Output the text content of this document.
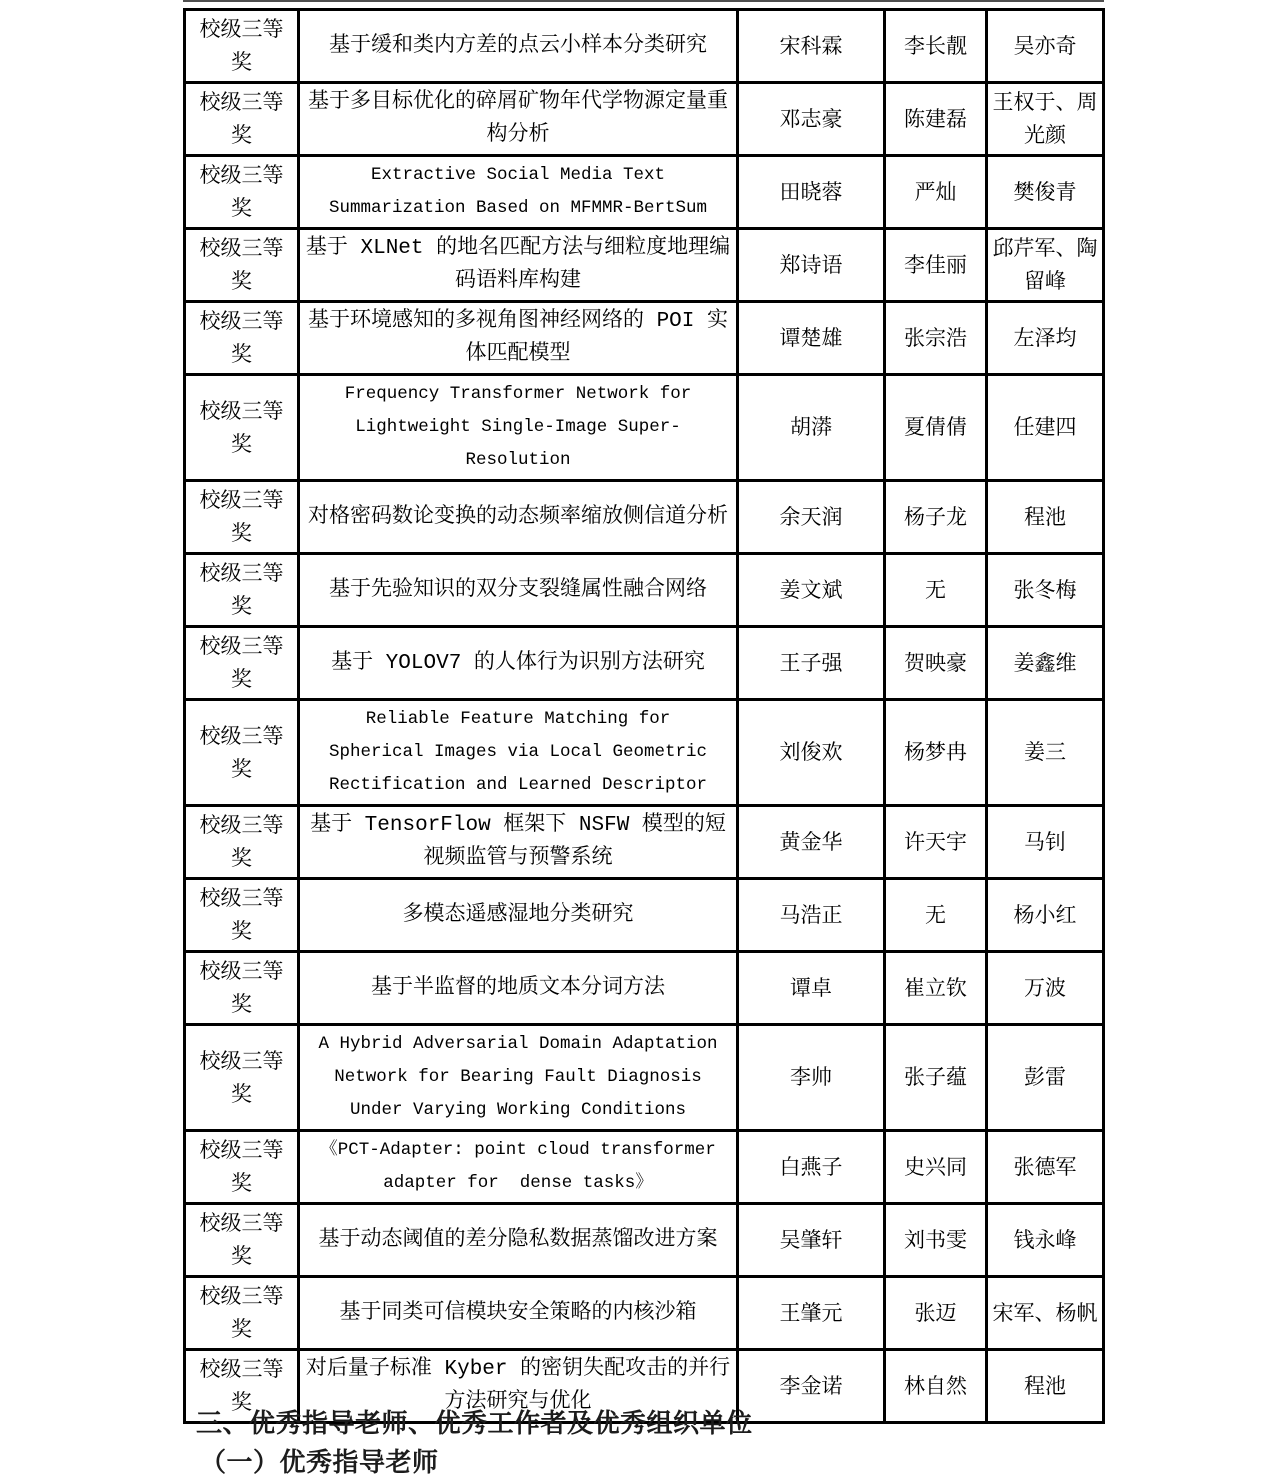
校级三等奖	基于缓和类内方差的点云小样本分类研究	宋科霖	李长靓	吴亦奇
校级三等奖	基于多目标优化的碎屑矿物年代学物源定量重构分析	邓志豪	陈建磊	王权于、周光颜
校级三等奖	Extractive Social Media Text Summarization Based on MFMMR-BertSum	田晓蓉	严灿	樊俊青
校级三等奖	基于 XLNet 的地名匹配方法与细粒度地理编码语料库构建	郑诗语	李佳丽	邱芹军、陶留峰
校级三等奖	基于环境感知的多视角图神经网络的 POI 实体匹配模型	谭楚雄	张宗浩	左泽均
校级三等奖	Frequency Transformer Network for Lightweight Single-Image Super-Resolution	胡漭	夏倩倩	任建四
校级三等奖	对格密码数论变换的动态频率缩放侧信道分析	余天润	杨子龙	程池
校级三等奖	基于先验知识的双分支裂缝属性融合网络	姜文斌	无	张冬梅
校级三等奖	基于 YOLOV7 的人体行为识别方法研究	王子强	贺映豪	姜鑫维
校级三等奖	Reliable Feature Matching for Spherical Images via Local Geometric Rectification and Learned Descriptor	刘俊欢	杨梦冉	姜三
校级三等奖	基于 TensorFlow 框架下 NSFW 模型的短视频监管与预警系统	黄金华	许天宇	马钊
校级三等奖	多模态遥感湿地分类研究	马浩正	无	杨小红
校级三等奖	基于半监督的地质文本分词方法	谭卓	崔立钦	万波
校级三等奖	A Hybrid Adversarial Domain Adaptation Network for Bearing Fault Diagnosis Under Varying Working Conditions	李帅	张子蕴	彭雷
校级三等奖	《PCT-Adapter: point cloud transformer adapter for  dense tasks》	白燕子	史兴同	张德军
校级三等奖	基于动态阈值的差分隐私数据蒸馏改进方案	吴肇轩	刘书雯	钱永峰
校级三等奖	基于同类可信模块安全策略的内核沙箱	王肇元	张迈	宋军、杨帆
校级三等奖	对后量子标准 Kyber 的密钥失配攻击的并行方法研究与优化	李金诺	林自然	程池
三、优秀指导老师、优秀工作者及优秀组织单位
（一）优秀指导老师
